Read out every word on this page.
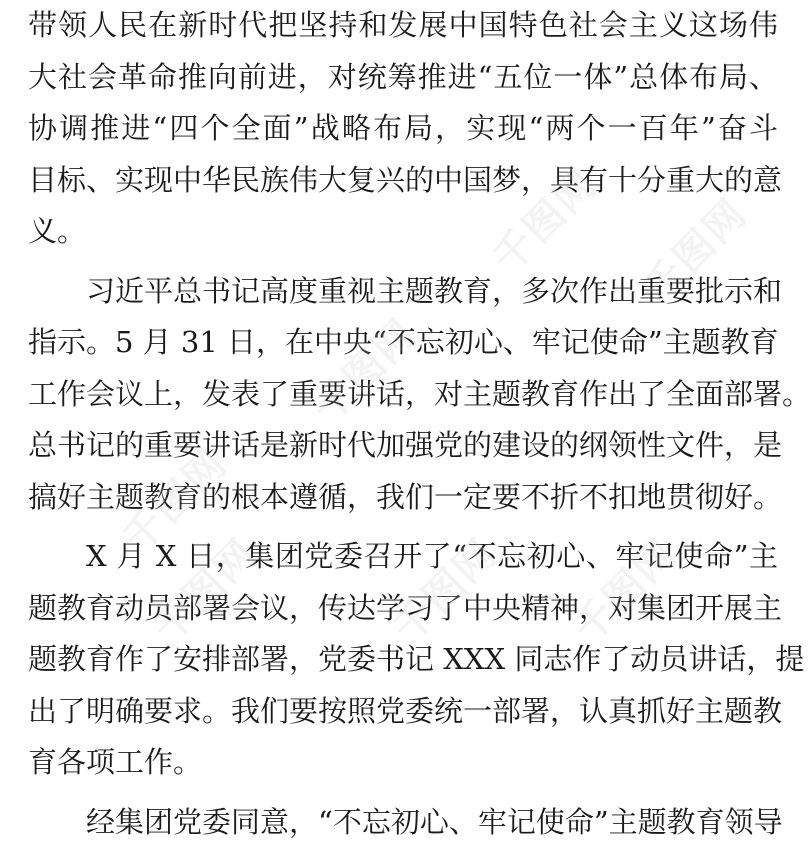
带领人民在新时代把坚持和发展中国特色社会主义这场伟
大社会革命推向前进，对统筹推进“五位一体”总体布局、
协调推进“四个全面”战略布局，实现“两个一百年”奋斗
目标、实现中华民族伟大复兴的中国梦，具有十分重大的意
义。
习近平总书记高度重视主题教育，多次作出重要批示和
指示。5 月 31 日，在中央“不忘初心、牢记使命”主题教育
工作会议上，发表了重要讲话，对主题教育作出了全面部署。
总书记的重要讲话是新时代加强党的建设的纲领性文件，是
搞好主题教育的根本遵循，我们一定要不折不扣地贯彻好。
X 月 X 日，集团党委召开了“不忘初心、牢记使命”主
题教育动员部署会议，传达学习了中央精神，对集团开展主
题教育作了安排部署，党委书记 XXX 同志作了动员讲话，提
出了明确要求。我们要按照党委统一部署，认真抓好主题教
育各项工作。
经集团党委同意，“不忘初心、牢记使命”主题教育领导
千图网 千图网
千图网
千图网
千图网 千图网
千图网
